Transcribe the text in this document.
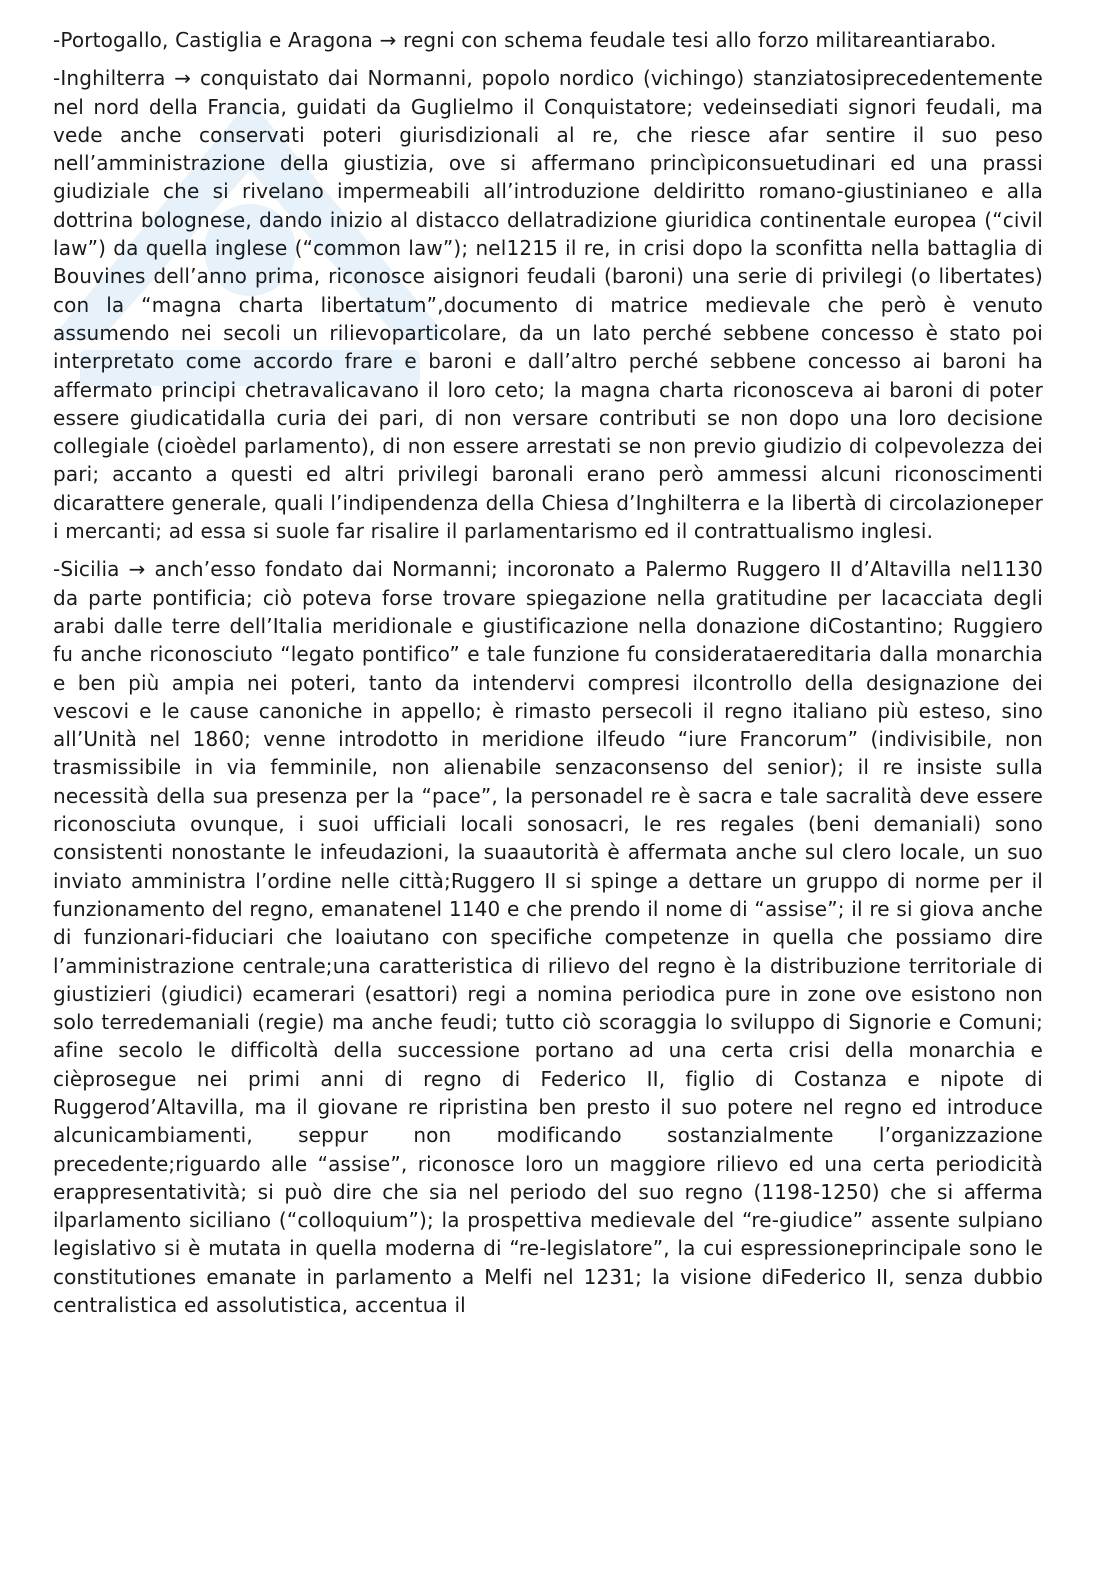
-Portogallo, Castiglia e Aragona → regni con schema feudale tesi allo forzo militareantiarabo.

-Inghilterra → conquistato dai Normanni, popolo nordico (vichingo) stanziatosiprecedentemente nel nord della Francia, guidati da Guglielmo il Conquistatore; vedeinsediati signori feudali, ma vede anche conservati poteri giurisdizionali al re, che riesce afar sentire il suo peso nell’amministrazione della giustizia, ove si affermano princìpiconsuetudinari ed una prassi giudiziale che si rivelano impermeabili all’introduzione deldiritto romano-giustinianeo e alla dottrina bolognese, dando inizio al distacco dellatradizione giuridica continentale europea (“civil law”) da quella inglese (“common law”); nel1215 il re, in crisi dopo la sconfitta nella battaglia di Bouvines dell’anno prima, riconosce aisignori feudali (baroni) una serie di privilegi (o libertates) con la “magna charta libertatum”,documento di matrice medievale che però è venuto assumendo nei secoli un rilievoparticolare, da un lato perché sebbene concesso è stato poi interpretato come accordo frare e baroni e dall’altro perché sebbene concesso ai baroni ha affermato principi chetravalicavano il loro ceto; la magna charta riconosceva ai baroni di poter essere giudicatidalla curia dei pari, di non versare contributi se non dopo una loro decisione collegiale (cioèdel parlamento), di non essere arrestati se non previo giudizio di colpevolezza dei pari; accanto a questi ed altri privilegi baronali erano però ammessi alcuni riconoscimenti dicarattere generale, quali l’indipendenza della Chiesa d’Inghilterra e la libertà di circolazioneper i mercanti; ad essa si suole far risalire il parlamentarismo ed il contrattualismo inglesi.

-Sicilia → anch’esso fondato dai Normanni; incoronato a Palermo Ruggero II d’Altavilla nel1130 da parte pontificia; ciò poteva forse trovare spiegazione nella gratitudine per lacacciata degli arabi dalle terre dell’Italia meridionale e giustificazione nella donazione diCostantino; Ruggiero fu anche riconosciuto “legato pontifico” e tale funzione fu considerataereditaria dalla monarchia e ben più ampia nei poteri, tanto da intendervi compresi ilcontrollo della designazione dei vescovi e le cause canoniche in appello; è rimasto persecoli il regno italiano più esteso, sino all’Unità nel 1860; venne introdotto in meridione ilfeudo “iure Francorum” (indivisibile, non trasmissibile in via femminile, non alienabile senzaconsenso del senior); il re insiste sulla necessità della sua presenza per la “pace”, la personadel re è sacra e tale sacralità deve essere riconosciuta ovunque, i suoi ufficiali locali sonosacri, le res regales (beni demaniali) sono consistenti nonostante le infeudazioni, la suaautorità è affermata anche sul clero locale, un suo inviato amministra l’ordine nelle città;Ruggero II si spinge a dettare un gruppo di norme per il funzionamento del regno, emanatenel 1140 e che prendo il nome di “assise”; il re si giova anche di funzionari-fiduciari che loaiutano con specifiche competenze in quella che possiamo dire l’amministrazione centrale;una caratteristica di rilievo del regno è la distribuzione territoriale di giustizieri (giudici) ecamerari (esattori) regi a nomina periodica pure in zone ove esistono non solo terredemaniali (regie) ma anche feudi; tutto ciò scoraggia lo sviluppo di Signorie e Comuni; afine secolo le difficoltà della successione portano ad una certa crisi della monarchia e cièprosegue nei primi anni di regno di Federico II, figlio di Costanza e nipote di Ruggerod’Altavilla, ma il giovane re ripristina ben presto il suo potere nel regno ed introduce alcunicambiamenti, seppur non modificando sostanzialmente l’organizzazione precedente;riguardo alle “assise”, riconosce loro un maggiore rilievo ed una certa periodicità erappresentatività; si può dire che sia nel periodo del suo regno (1198-1250) che si afferma ilparlamento siciliano (“colloquium”); la prospettiva medievale del “re-giudice” assente sulpiano legislativo si è mutata in quella moderna di “re-legislatore”, la cui espressioneprincipale sono le constitutiones emanate in parlamento a Melfi nel 1231; la visione diFederico II, senza dubbio centralistica ed assolutistica, accentua il
